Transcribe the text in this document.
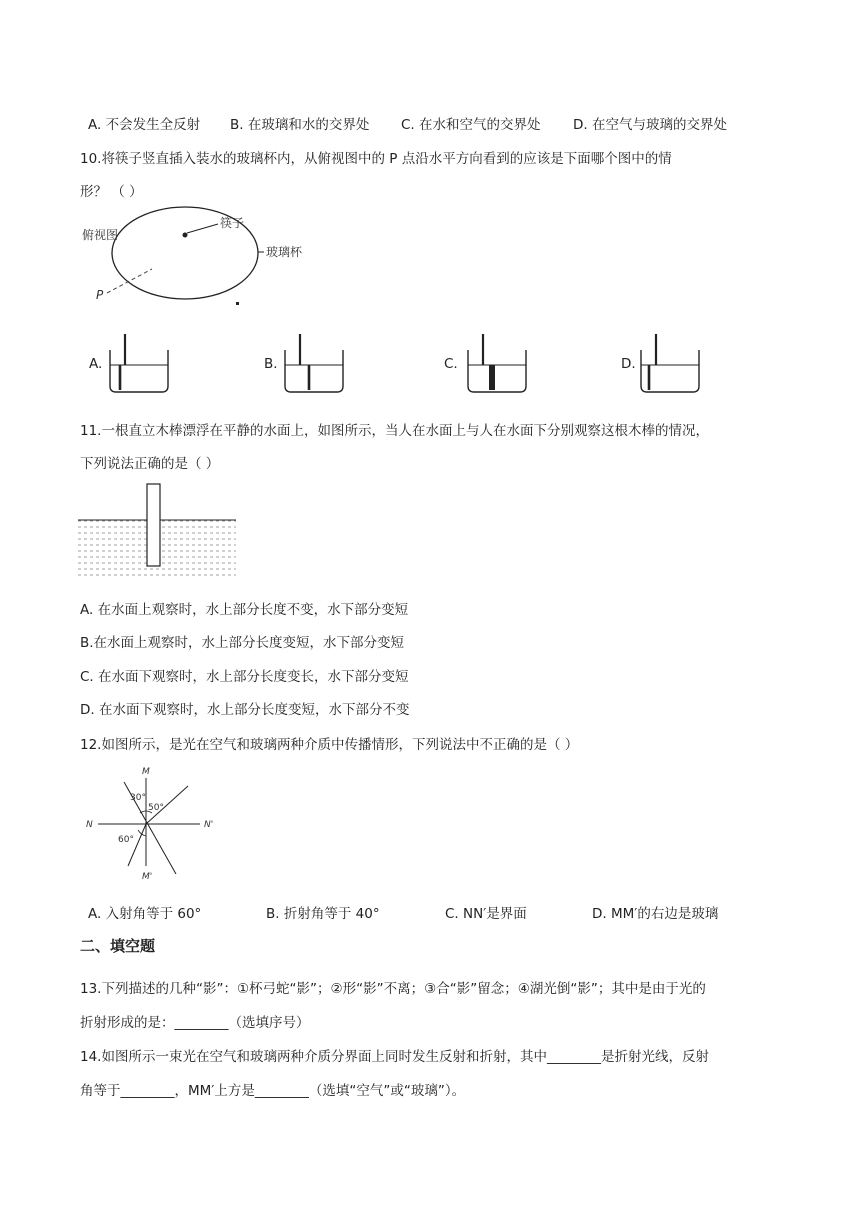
A. 不会发生全反射 B. 在玻璃和水的交界处 C. 在水和空气的交界处 D. 在空气与玻璃的交界处
10.将筷子竖直插入装水的玻璃杯内，从俯视图中的 P 点沿水平方向看到的应该是下面哪个图中的情
形？ （ ）
俯视图
筷子
玻璃杯
P
A.	B.	C.	D.
11.一根直立木棒漂浮在平静的水面上，如图所示，当人在水面上与人在水面下分别观察这根木棒的情况，
下列说法正确的是（ ）
A. 在水面上观察时，水上部分长度不变，水下部分变短
B.在水面上观察时，水上部分长度变短，水下部分变短
C. 在水面下观察时，水上部分长度变长，水下部分变短
D. 在水面下观察时，水上部分长度变短，水下部分不变
12.如图所示，是光在空气和玻璃两种介质中传播情形，下列说法中不正确的是（ ）
M
M'
N	N'
30°
50°
60°
A. 入射角等于 60°	B. 折射角等于 40°	C. NN′是界面	D. MM′的右边是玻璃
二、填空题
13.下列描述的几种“影”：①杯弓蛇“影”；②形“影”不离；③合“影”留念；④湖光倒“影”；其中是由于光的
折射形成的是：________（选填序号）
14.如图所示一束光在空气和玻璃两种介质分界面上同时发生反射和折射，其中________是折射光线，反射
角等于________，MM′上方是________（选填“空气”或“玻璃”）。
